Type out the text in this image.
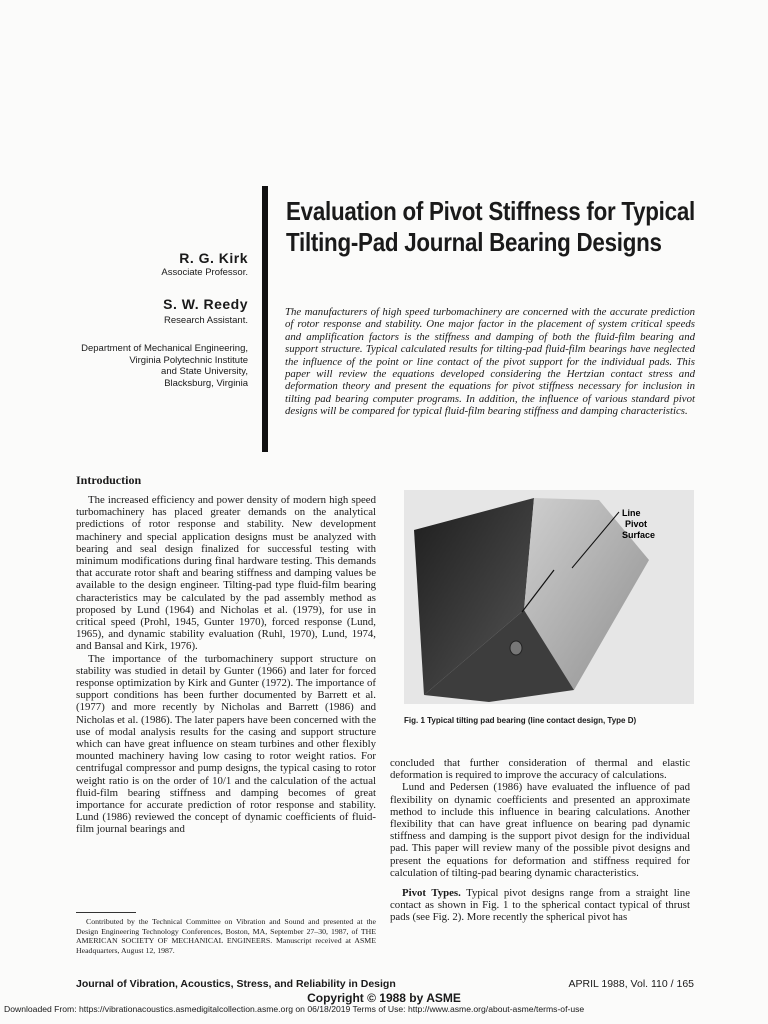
Evaluation of Pivot Stiffness for Typical Tilting-Pad Journal Bearing Designs
R. G. Kirk
Associate Professor.
S. W. Reedy
Research Assistant.
Department of Mechanical Engineering,
Virginia Polytechnic Institute
and State University,
Blacksburg, Virginia
The manufacturers of high speed turbomachinery are concerned with the accurate prediction of rotor response and stability. One major factor in the placement of system critical speeds and amplification factors is the stiffness and damping of both the fluid-film bearing and support structure. Typical calculated results for tilting-pad fluid-film bearings have neglected the influence of the point or line contact of the pivot support for the individual pads. This paper will review the equations developed considering the Hertzian contact stress and deformation theory and present the equations for pivot stiffness necessary for inclusion in tilting pad bearing computer programs. In addition, the influence of various standard pivot designs will be compared for typical fluid-film bearing stiffness and damping characteristics.
Introduction

The increased efficiency and power density of modern high speed turbomachinery has placed greater demands on the analytical predictions of rotor response and stability. New development machinery and special application designs must be analyzed with bearing and seal design finalized for successful testing with minimum modifications during final hardware testing. This demands that accurate rotor shaft and bearing stiffness and damping values be available to the design engineer. Tilting-pad type fluid-film bearing characteristics may be calculated by the pad assembly method as proposed by Lund (1964) and Nicholas et al. (1979), for use in critical speed (Prohl, 1945, Gunter 1970), forced response (Lund, 1965), and dynamic stability evaluation (Ruhl, 1970), Lund, 1974, and Bansal and Kirk, 1976).

The importance of the turbomachinery support structure on stability was studied in detail by Gunter (1966) and later for forced response optimization by Kirk and Gunter (1972). The importance of support conditions has been further documented by Barrett et al. (1977) and more recently by Nicholas and Barrett (1986) and Nicholas et al. (1986). The later papers have been concerned with the use of modal analysis results for the casing and support structure which can have great influence on steam turbines and other flexibly mounted machinery having low casing to rotor weight ratios. For centrifugal compressor and pump designs, the typical casing to rotor weight ratio is on the order of 10/1 and the calculation of the actual fluid-film bearing stiffness and damping becomes of great importance for accurate prediction of rotor response and stability. Lund (1986) reviewed the concept of dynamic coefficients of fluid-film journal bearings and

Line
Pivot
Surface
Fig. 1 Typical tilting pad bearing (line contact design, Type D)

concluded that further consideration of thermal and elastic deformation is required to improve the accuracy of calculations.

Lund and Pedersen (1986) have evaluated the influence of pad flexibility on dynamic coefficients and presented an approximate method to include this influence in bearing calculations. Another flexibility that can have great influence on bearing pad dynamic stiffness and damping is the support pivot design for the individual pad. This paper will review many of the possible pivot designs and present the equations for deformation and stiffness required for calculation of tilting-pad bearing dynamic characteristics.

Pivot Types. Typical pivot designs range from a straight line contact as shown in Fig. 1 to the spherical contact typical of thrust pads (see Fig. 2). More recently the spherical pivot has

Contributed by the Technical Committee on Vibration and Sound and presented at the Design Engineering Technology Conferences, Boston, MA, September 27–30, 1987, of THE AMERICAN SOCIETY OF MECHANICAL ENGINEERS. Manuscript received at ASME Headquarters, August 12, 1987.
Journal of Vibration, Acoustics, Stress, and Reliability in Design	APRIL 1988, Vol. 110 / 165
Copyright © 1988 by ASME
Downloaded From: https://vibrationacoustics.asmedigitalcollection.asme.org on 06/18/2019 Terms of Use: http://www.asme.org/about-asme/terms-of-use
